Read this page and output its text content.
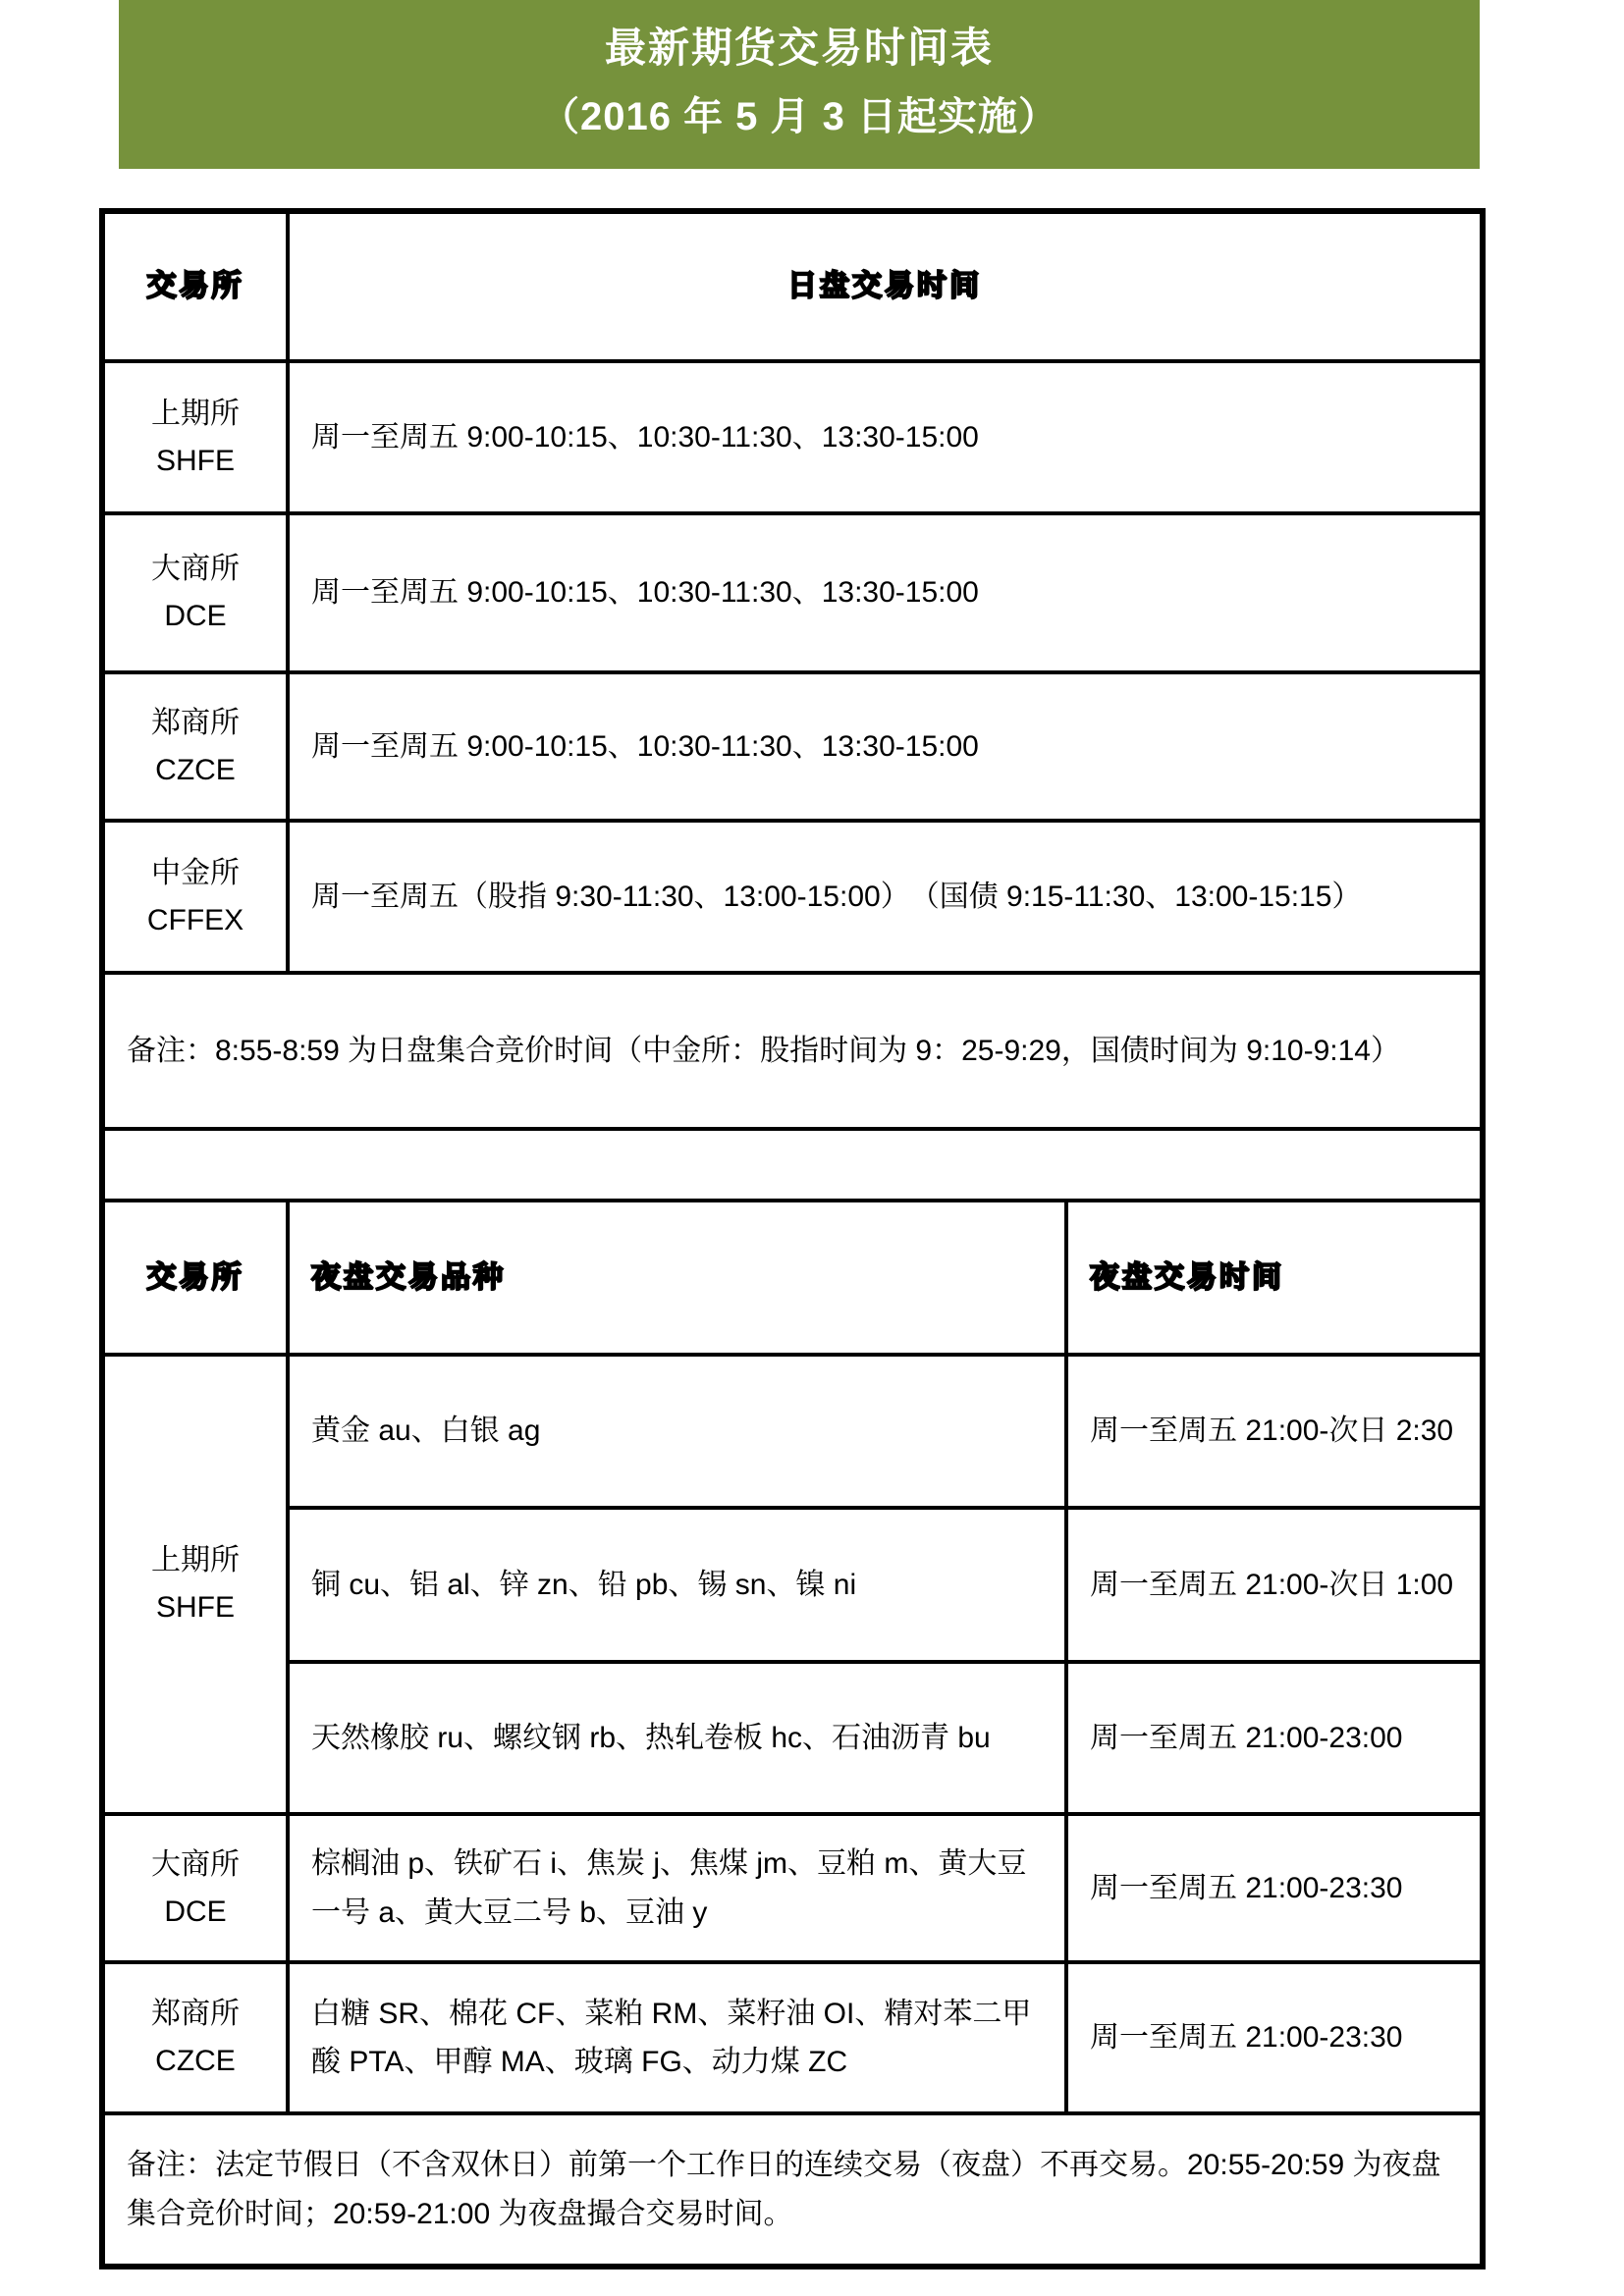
最新期货交易时间表
（2016 年 5 月 3 日起实施）
交易所	日盘交易时间	

上期所
SHFE	周一至周五 9:00-10:15、10:30-11:30、13:30-15:00	

大商所
DCE	周一至周五 9:00-10:15、10:30-11:30、13:30-15:00	

郑商所
CZCE	周一至周五 9:00-10:15、10:30-11:30、13:30-15:00	

中金所
CFFEX	周一至周五（股指 9:30-11:30、13:00-15:00）　（国债 9:15-11:30、13:00-15:15）	
备注：8:55-8:59 为日盘集合竞价时间（中金所：股指时间为 9：25-9:29，国债时间为 9:10-9:14）		

交易所	夜盘交易品种	夜盘交易时间

上期所
SHFE	黄金 au、白银 ag	周一至周五 21:00-次日 2:30
	铜 cu、铝 al、锌 zn、铅 pb、锡 sn、镍 ni	周一至周五 21:00-次日 1:00
	天然橡胶 ru、螺纹钢 rb、热轧卷板 hc、石油沥青 bu	周一至周五 21:00-23:00

大商所
DCE	棕榈油 p、铁矿石 i、焦炭 j、焦煤 jm、豆粕 m、黄大豆一号 a、黄大豆二号 b、豆油 y	周一至周五 21:00-23:30

郑商所
CZCE	白糖 SR、棉花 CF、菜粕 RM、菜籽油 OI、精对苯二甲酸 PTA、甲醇 MA、玻璃 FG、动力煤 ZC	周一至周五 21:00-23:30
备注：法定节假日（不含双休日）前第一个工作日的连续交易（夜盘）不再交易。20:55-20:59 为夜盘集合竞价时间；20:59-21:00 为夜盘撮合交易时间。		
